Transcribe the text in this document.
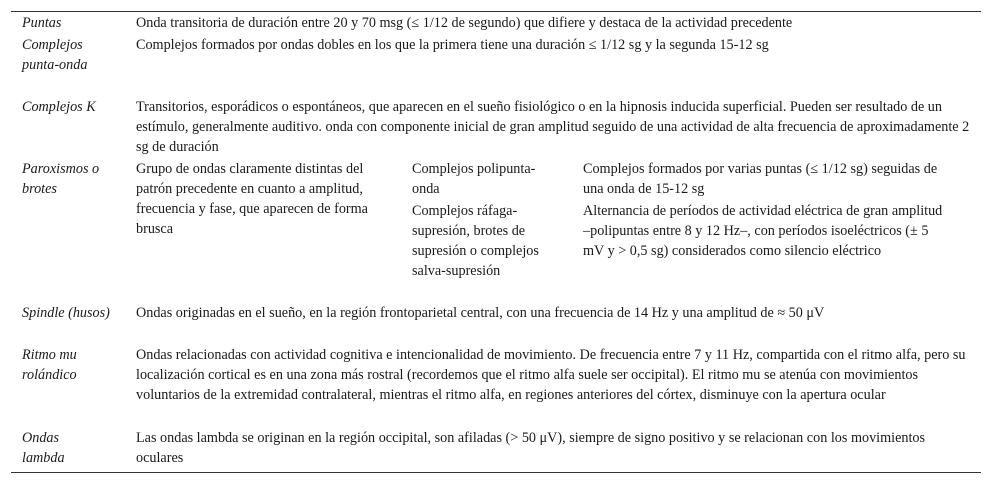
Puntas	Onda transitoria de duración entre 20 y 70 msg (≤ 1/12 de segundo) que difiere y destaca de la actividad precedente
Complejos punta-onda
Complejos formados por ondas dobles en los que la primera tiene una duración ≤ 1/12 sg y la segunda 15-12 sg
Complejos K	Transitorios, esporádicos o espontáneos, que aparecen en el sueño fisiológico o en la hipnosis inducida superficial. Pueden ser resultado de un estímulo, generalmente auditivo. onda con componente inicial de gran amplitud seguido de una actividad de alta frecuencia de aproximadamente 2 sg de duración
Paroxismos o brotes
Grupo de ondas claramente distintas del patrón precedente en cuanto a amplitud, frecuencia y fase, que aparecen de forma brusca
Complejos polipunta-onda
Complejos formados por varias puntas (≤ 1/12 sg) seguidas de una onda de 15-12 sg
Complejos ráfaga-supresión, brotes de supresión o complejos salva-supresión
Alternancia de períodos de actividad eléctrica de gran amplitud –polipuntas entre 8 y 12 Hz–, con períodos isoeléctricos (± 5 mV y > 0,5 sg) considerados como silencio eléctrico
Spindle (husos) Ondas originadas en el sueño, en la región frontoparietal central, con una frecuencia de 14 Hz y una amplitud de ≈ 50 μV
Ritmo mu rolándico
Ondas relacionadas con actividad cognitiva e intencionalidad de movimiento. De frecuencia entre 7 y 11 Hz, compartida con el ritmo alfa, pero su localización cortical es en una zona más rostral (recordemos que el ritmo alfa suele ser occipital). El ritmo mu se atenúa con movimientos voluntarios de la extremidad contralateral, mientras el ritmo alfa, en regiones anteriores del córtex, disminuye con la apertura ocular
Ondas lambda
Las ondas lambda se originan en la región occipital, son afiladas (> 50 μV), siempre de signo positivo y se relacionan con los movimientos oculares
